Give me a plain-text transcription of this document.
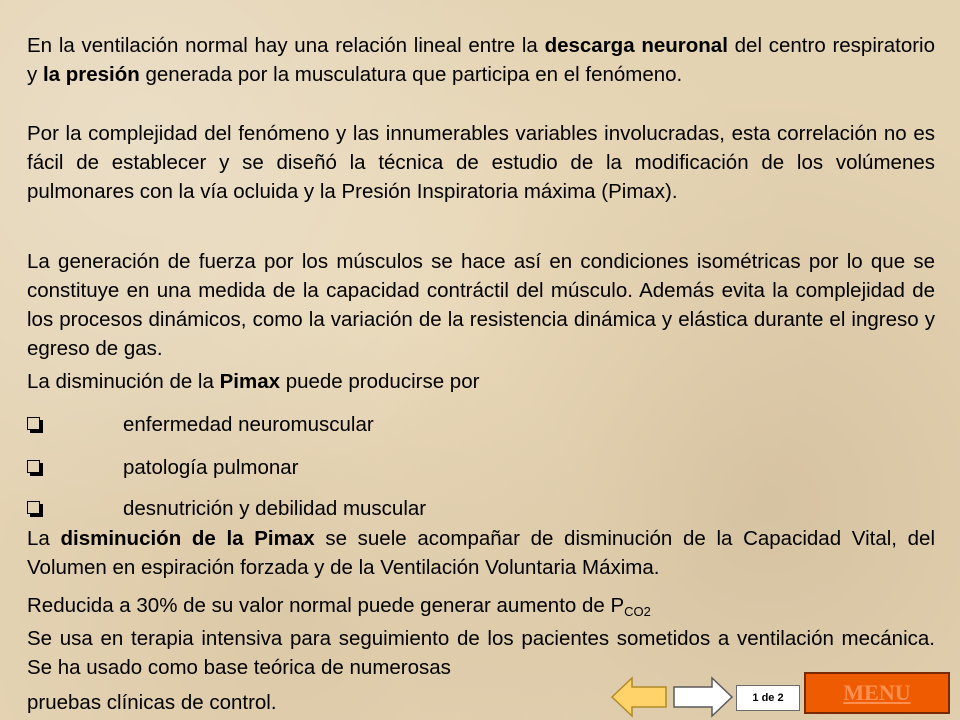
En la ventilación normal hay una relación lineal entre la descarga neuronal del centro respiratorio y la presión generada por la musculatura que participa en el fenómeno.

Por la complejidad del fenómeno y las innumerables variables involucradas, esta correlación no es fácil de establecer y se diseñó la técnica de estudio de la modificación de los volúmenes pulmonares con la vía ocluida y la Presión Inspiratoria máxima (Pimax).

La generación de fuerza por los músculos se hace así en condiciones isométricas por lo que se constituye en una medida de la capacidad contráctil del músculo. Además evita la complejidad de los procesos dinámicos, como la variación de la resistencia dinámica y elástica durante el ingreso y egreso de gas.

La disminución de la Pimax puede producirse por

enfermedad neuromuscular
patología pulmonar
desnutrición y debilidad muscular

La disminución de la Pimax se suele acompañar de disminución de la Capacidad Vital, del Volumen en espiración forzada y de la Ventilación Voluntaria Máxima.

Reducida a 30% de su valor normal puede generar aumento de $P_{CO2}$

Se usa en terapia intensiva para seguimiento de los pacientes sometidos a ventilación mecánica. Se ha usado como base teórica de numerosas

pruebas clínicas de control.	1 de 2	MENU
